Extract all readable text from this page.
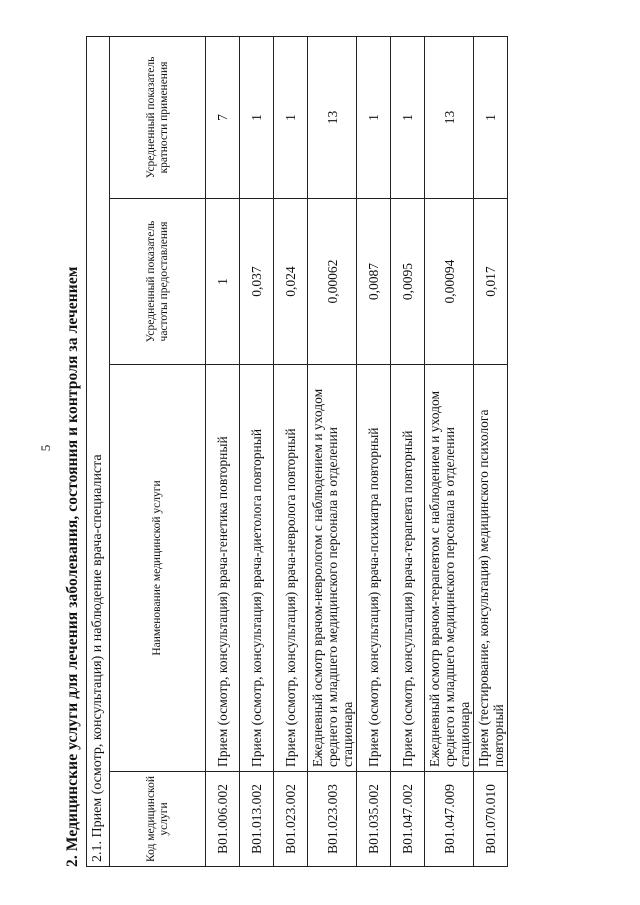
5 2. Медицинские услуги для лечения заболевания, состояния и контроля за лечением 2.1. Прием (осмотр, консультация) и наблюдение врача-специалиста			
Код медицинской услуги	Наименование медицинской услуги	Усредненный показатель частоты предоставления	Усредненный показатель кратности применения
B01.006.002	Прием (осмотр, консультация) врача-генетика повторный	1	7
B01.013.002	Прием (осмотр, консультация) врача-диетолога повторный	0,037	1
B01.023.002	Прием (осмотр, консультация) врача-невролога повторный	0,024	1
B01.023.003	Ежедневный осмотр врачом-неврологом с наблюдением и уходом среднего и младшего медицинского персонала в отделении стационара	0,00062	13
B01.035.002	Прием (осмотр, консультация) врача-психиатра повторный	0,0087	1
B01.047.002	Прием (осмотр, консультация) врача-терапевта повторный	0,0095	1
B01.047.009	Ежедневный осмотр врачом-терапевтом с наблюдением и уходом среднего и младшего медицинского персонала в отделении стационара	0,00094	13
B01.070.010	Прием (тестирование, консультация) медицинского психолога повторный	0,017	1
